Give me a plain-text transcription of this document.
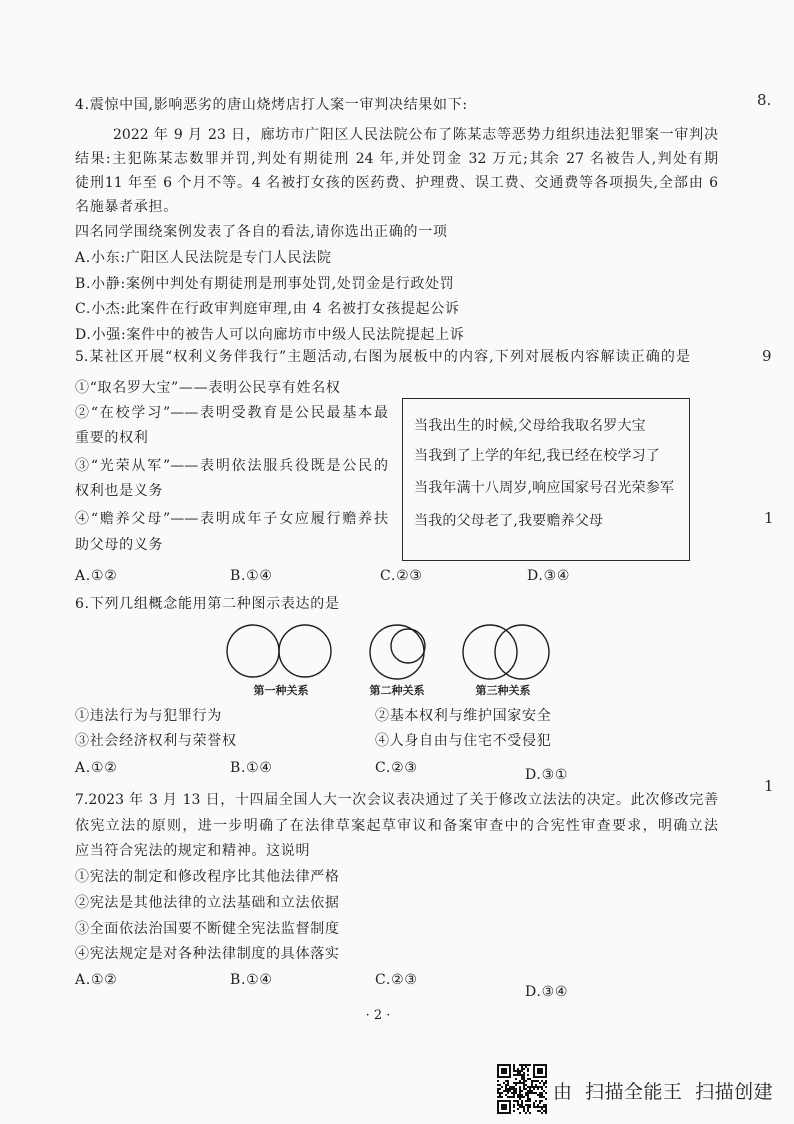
8.
9
1
1
4.震惊中国,影响恶劣的唐山烧烤店打人案一审判决结果如下:
2022 年 9 月 23 日，廊坊市广阳区人民法院公布了陈某志等恶势力组织违法犯罪案一审判决
结果:主犯陈某志数罪并罚,判处有期徒刑 24 年,并处罚金 32 万元;其余 27 名被告人,判处有期
徒刑11 年至 6 个月不等。4 名被打女孩的医药费、护理费、误工费、交通费等各项损失,全部由 6
名施暴者承担。
四名同学围绕案例发表了各自的看法,请你选出正确的一项
A.小东:广阳区人民法院是专门人民法院
B.小静:案例中判处有期徒刑是刑事处罚,处罚金是行政处罚
C.小杰:此案件在行政审判庭审理,由 4 名被打女孩提起公诉
D.小强:案件中的被告人可以向廊坊市中级人民法院提起上诉
5.某社区开展“权利义务伴我行”主题活动,右图为展板中的内容,下列对展板内容解读正确的是
①“取名罗大宝”——表明公民享有姓名权
②“在校学习”——表明受教育是公民最基本最
重要的权利
③“光荣从军”——表明依法服兵役既是公民的
权利也是义务
④“赡养父母”——表明成年子女应履行赡养扶
助父母的义务
当我出生的时候,父母给我取名罗大宝
当我到了上学的年纪,我已经在校学习了
当我年满十八周岁,响应国家号召光荣参军
当我的父母老了,我要赡养父母
A.①②	B.①④	C.②③	D.③④
6.下列几组概念能用第二种图示表达的是
第一种关系	第二种关系	第三种关系
①违法行为与犯罪行为	②基本权利与维护国家安全
③社会经济权利与荣誉权	④人身自由与住宅不受侵犯
A.①②	B.①④	C.②③	D.③①
7.2023 年 3 月 13 日，十四届全国人大一次会议表决通过了关于修改立法法的决定。此次修改完善
依宪立法的原则，进一步明确了在法律草案起草审议和备案审查中的合宪性审查要求，明确立法
应当符合宪法的规定和精神。这说明
①宪法的制定和修改程序比其他法律严格
②宪法是其他法律的立法基础和立法依据
③全面依法治国要不断健全宪法监督制度
④宪法规定是对各种法律制度的具体落实
A.①②	B.①④	C.②③
D.③④
· 2 ·
由 扫描全能王 扫描创建
